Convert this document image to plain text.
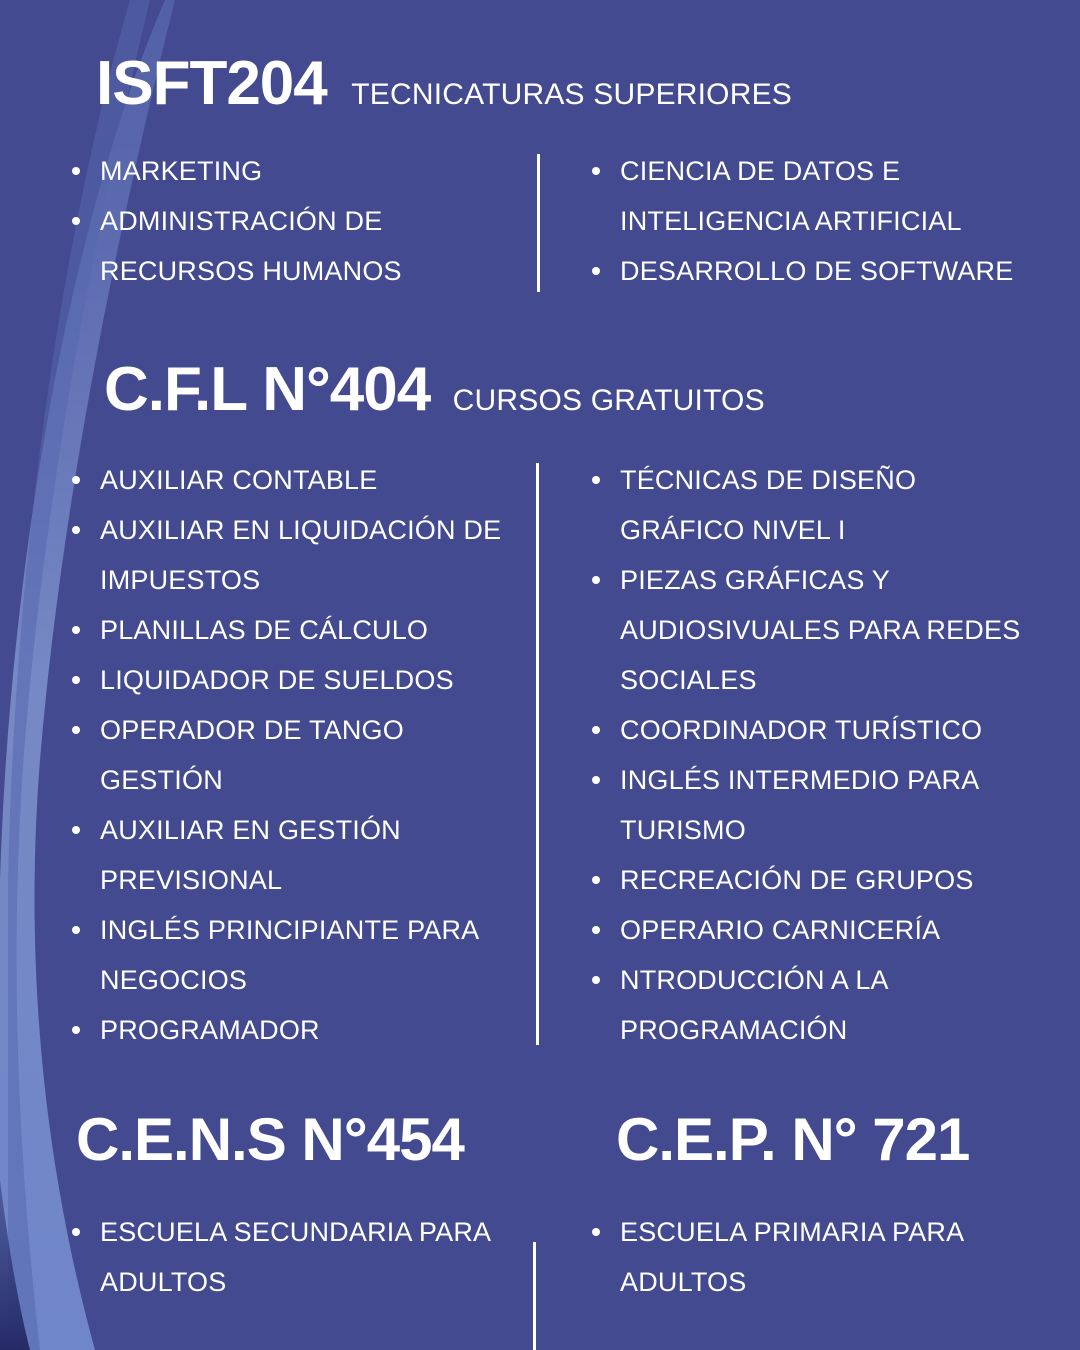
ISFT204 TECNICATURAS SUPERIORES
MARKETING
ADMINISTRACIÓN DE RECURSOS HUMANOS
CIENCIA DE DATOS E INTELIGENCIA ARTIFICIAL
DESARROLLO DE SOFTWARE
C.F.L N°404 CURSOS GRATUITOS
AUXILIAR CONTABLE
AUXILIAR EN LIQUIDACIÓN DE IMPUESTOS
PLANILLAS DE CÁLCULO
LIQUIDADOR DE SUELDOS
OPERADOR DE TANGO GESTIÓN
AUXILIAR EN GESTIÓN PREVISIONAL
INGLÉS PRINCIPIANTE PARA NEGOCIOS
PROGRAMADOR
TÉCNICAS DE DISEÑO GRÁFICO NIVEL I
PIEZAS GRÁFICAS Y AUDIOSIVUALES PARA REDES SOCIALES
COORDINADOR TURÍSTICO
INGLÉS INTERMEDIO PARA TURISMO
RECREACIÓN DE GRUPOS
OPERARIO CARNICERÍA
NTRODUCCIÓN A LA PROGRAMACIÓN
C.E.N.S N°454
ESCUELA SECUNDARIA PARA ADULTOS
C.E.P. N° 721
ESCUELA PRIMARIA PARA ADULTOS
